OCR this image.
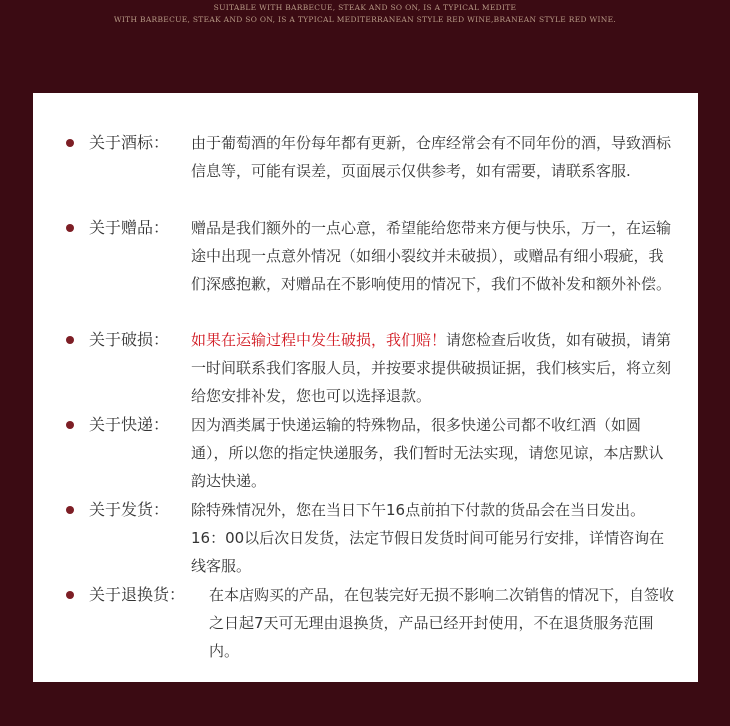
SUITABLE WITH BARBECUE, STEAK AND SO ON, IS A TYPICAL MEDITE
WITH BARBECUE, STEAK AND SO ON, IS A TYPICAL MEDITERRANEAN STYLE RED WINE,BRANEAN STYLE RED WINE.
关于酒标： 由于葡萄酒的年份每年都有更新，仓库经常会有不同年份的酒，导致酒标信息等，可能有误差，页面展示仅供参考，如有需要，请联系客服.
关于赠品： 赠品是我们额外的一点心意，希望能给您带来方便与快乐，万一，在运输途中出现一点意外情况（如细小裂纹并未破损），或赠品有细小瑕疵，我们深感抱歉，对赠品在不影响使用的情况下，我们不做补发和额外补偿。
关于破损： 如果在运输过程中发生破损，我们赔！请您检查后收货，如有破损，请第一时间联系我们客服人员，并按要求提供破损证据，我们核实后，将立刻给您安排补发，您也可以选择退款。
关于快递： 因为酒类属于快递运输的特殊物品，很多快递公司都不收红酒（如圆通），所以您的指定快递服务，我们暂时无法实现，请您见谅，本店默认韵达快递。
关于发货： 除特殊情况外，您在当日下午16点前拍下付款的货品会在当日发出。16：00以后次日发货，法定节假日发货时间可能另行安排，详情咨询在线客服。
关于退换货： 在本店购买的产品，在包装完好无损不影响二次销售的情况下，自签收之日起7天可无理由退换货，产品已经开封使用，不在退货服务范围内。
